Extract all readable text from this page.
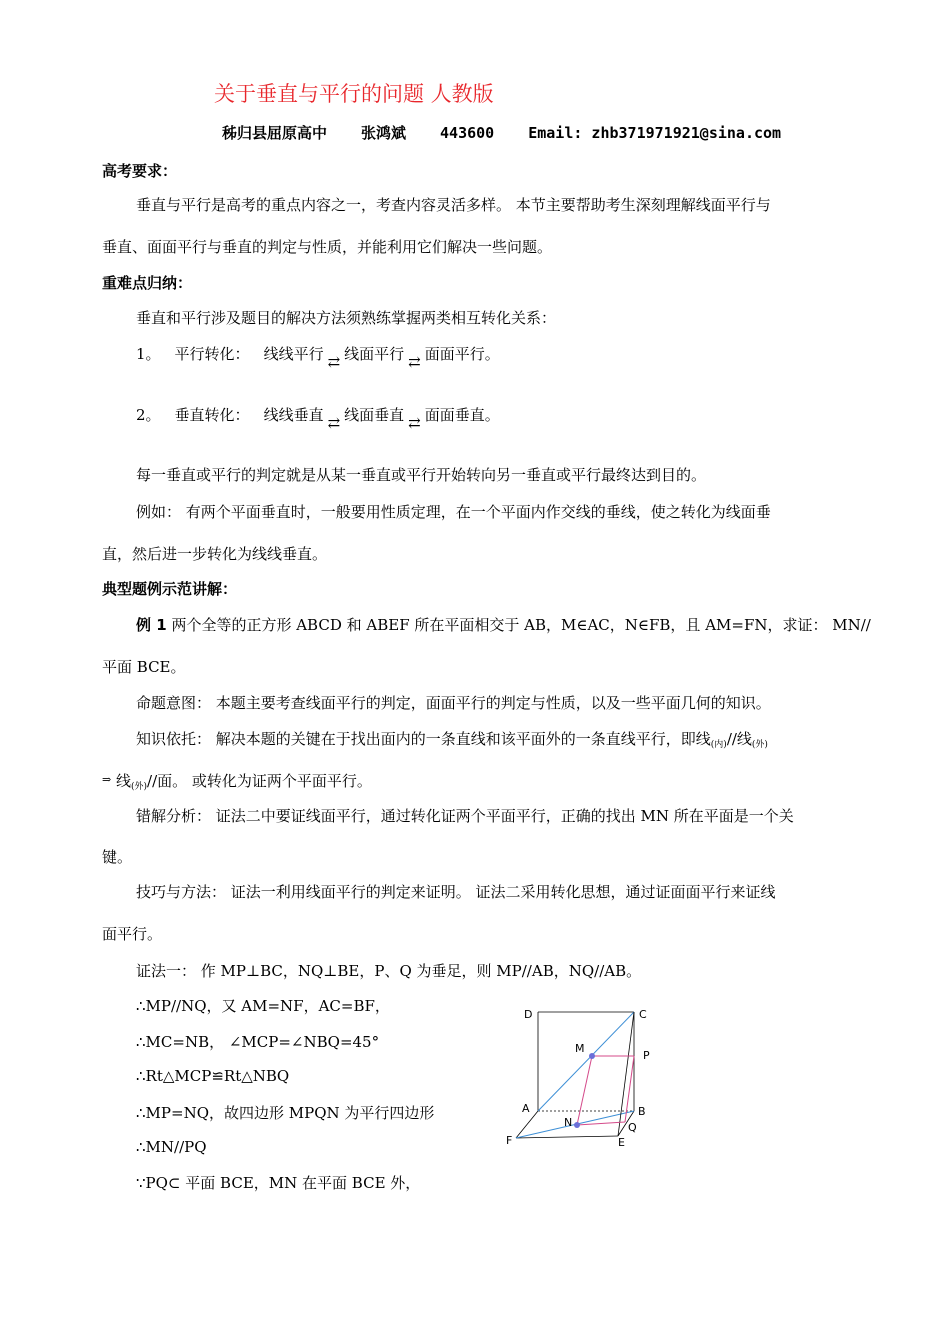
关于垂直与平行的问题 人教版
秭归县屈原高中 张鸿斌 443600 Email: zhb371971921@sina.com
高考要求：
垂直与平行是高考的重点内容之一，考查内容灵活多样。 本节主要帮助考生深刻理解线面平行与
垂直、面面平行与垂直的判定与性质，并能利用它们解决一些问题。
重难点归纳：
垂直和平行涉及题目的解决方法须熟练掌握两类相互转化关系：
1。 平行转化： 线线平行 ⇄ 线面平行 ⇄ 面面平行。
2。 垂直转化： 线线垂直 ⇄ 线面垂直 ⇄ 面面垂直。
每一垂直或平行的判定就是从某一垂直或平行开始转向另一垂直或平行最终达到目的。
例如： 有两个平面垂直时，一般要用性质定理，在一个平面内作交线的垂线，使之转化为线面垂
直，然后进一步转化为线线垂直。
典型题例示范讲解：
例 1 两个全等的正方形 ABCD 和 ABEF 所在平面相交于 AB，M∈AC，N∈FB，且 AM=FN，求证： MN//
平面 BCE。
命题意图： 本题主要考查线面平行的判定，面面平行的判定与性质，以及一些平面几何的知识。
知识依托： 解决本题的关键在于找出面内的一条直线和该平面外的一条直线平行，即线$_{(内)}$//线$_{(外)}$
⇒ 线$_{(外)}$//面。 或转化为证两个平面平行。
错解分析： 证法二中要证线面平行，通过转化证两个平面平行，正确的找出 MN 所在平面是一个关
键。
技巧与方法： 证法一利用线面平行的判定来证明。 证法二采用转化思想，通过证面面平行来证线
面平行。
证法一： 作 MP⊥BC，NQ⊥BE，P、Q 为垂足，则 MP//AB，NQ//AB。
∴MP//NQ，又 AM=NF，AC=BF，
∴MC=NB， ∠MCP=∠NBQ=45°
∴Rt△MCP≌Rt△NBQ
∴MP=NQ，故四边形 MPQN 为平行四边形
∴MN//PQ
∵PQ⊂ 平面 BCE，MN 在平面 BCE 外，
D	C
M
P
A	B
N	Q
F	E
